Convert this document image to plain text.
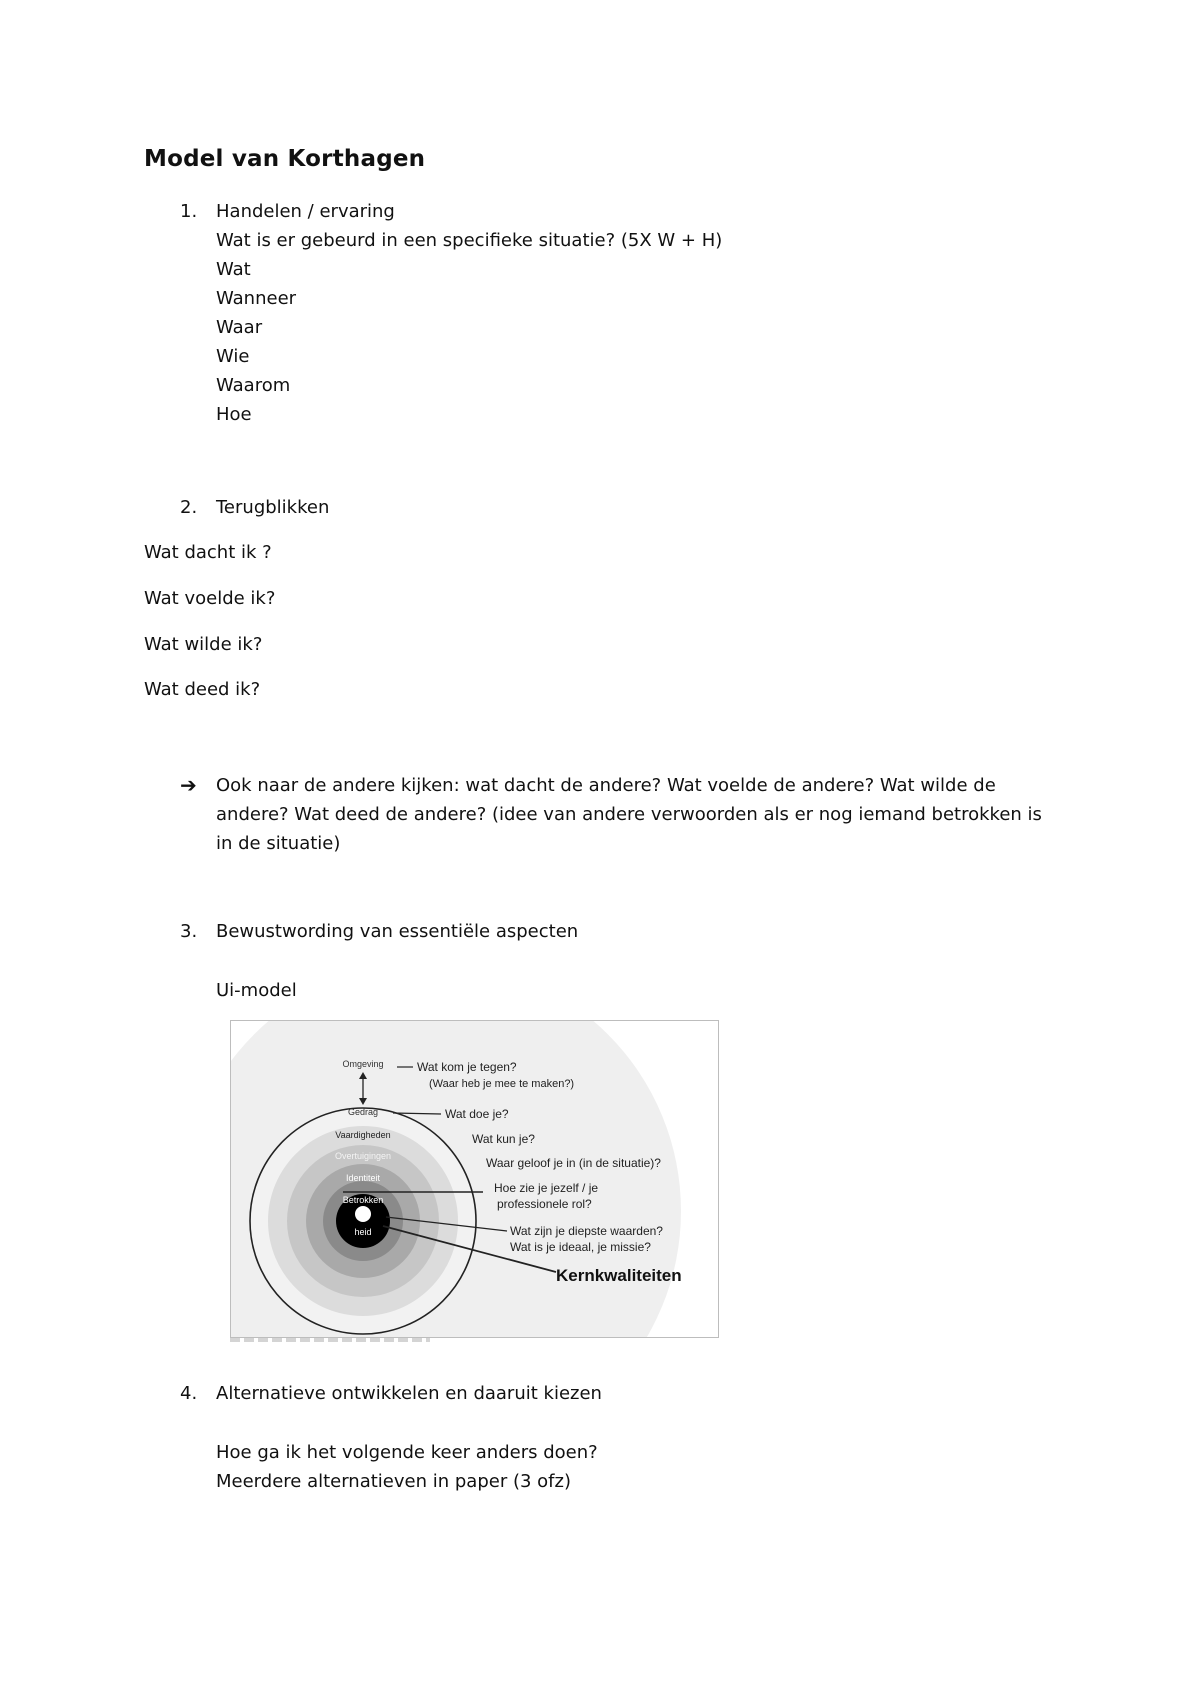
Model van Korthagen
1. Handelen / ervaring
Wat is er gebeurd in een specifieke situatie? (5X W + H)
Wat
Wanneer
Waar
Wie
Waarom
Hoe
2. Terugblikken
Wat dacht ik ?
Wat voelde ik?
Wat wilde ik?
Wat deed ik?
➔ Ook naar de andere kijken: wat dacht de andere? Wat voelde de andere? Wat wilde de
andere? Wat deed de andere? (idee van andere verwoorden als er nog iemand betrokken is
in de situatie)
3. Bewustwording van essentiële aspecten
Ui-model
Omgeving
Gedrag
Vaardigheden
Overtuigingen
Identiteit
Betrokken
heid
Wat kom je tegen?
(Waar heb je mee te maken?)
Wat doe je?
Wat kun je?
Waar geloof je in (in de situatie)?
Hoe zie je jezelf / je
professionele rol?
Wat zijn je diepste waarden?
Wat is je ideaal, je missie?
Kernkwaliteiten
4. Alternatieve ontwikkelen en daaruit kiezen
Hoe ga ik het volgende keer anders doen?
Meerdere alternatieven in paper (3 ofz)
